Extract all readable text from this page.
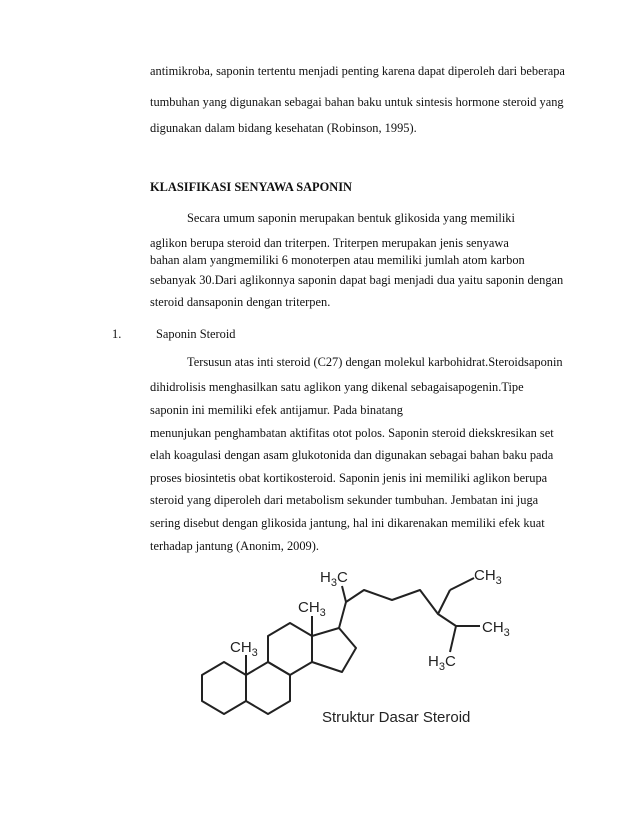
antimikroba, saponin tertentu menjadi penting karena dapat diperoleh dari beberapa
tumbuhan yang digunakan sebagai bahan baku untuk sintesis hormone steroid yang
digunakan dalam bidang kesehatan (Robinson, 1995).
KLASIFIKASI SENYAWA SAPONIN
Secara umum saponin merupakan bentuk glikosida yang memiliki
aglikon berupa steroid dan triterpen. Triterpen merupakan jenis senyawa
bahan alam yangmemiliki 6 monoterpen atau memiliki jumlah atom karbon
sebanyak 30.Dari aglikonnya saponin dapat bagi menjadi dua yaitu saponin dengan
steroid dansaponin dengan triterpen.
1.	Saponin Steroid
Tersusun atas inti steroid (C27) dengan molekul karbohidrat.Steroidsaponin
dihidrolisis menghasilkan satu aglikon yang dikenal sebagaisapogenin.Tipe
saponin ini memiliki efek antijamur. Pada binatang
menunjukan penghambatan aktifitas otot polos. Saponin steroid diekskresikan set
elah koagulasi dengan asam glukotonida dan digunakan sebagai bahan baku pada
proses biosintetis obat kortikosteroid. Saponin jenis ini memiliki aglikon berupa
steroid yang diperoleh dari metabolism sekunder tumbuhan. Jembatan ini juga
sering disebut dengan glikosida jantung, hal ini dikarenakan memiliki efek kuat
terhadap jantung (Anonim, 2009).
$CH_3$
$CH_3$
$H_3C$	$CH_3$
$CH_3$
$H_3C$
Struktur Dasar Steroid
